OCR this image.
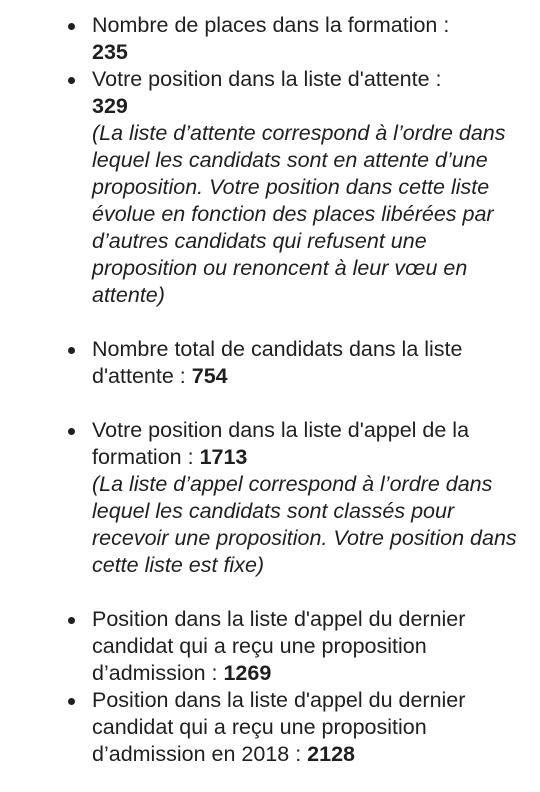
Nombre de places dans la formation :
235
Votre position dans la liste d'attente :
329
(La liste d’attente correspond à l’ordre dans lequel les candidats sont en attente d’une proposition. Votre position dans cette liste évolue en fonction des places libérées par d’autres candidats qui refusent une proposition ou renoncent à leur vœu en attente)
Nombre total de candidats dans la liste d'attente : 754
Votre position dans la liste d'appel de la formation : 1713
(La liste d’appel correspond à l’ordre dans lequel les candidats sont classés pour recevoir une proposition. Votre position dans cette liste est fixe)
Position dans la liste d'appel du dernier candidat qui a reçu une proposition d’admission : 1269
Position dans la liste d'appel du dernier candidat qui a reçu une proposition d’admission en 2018 : 2128
